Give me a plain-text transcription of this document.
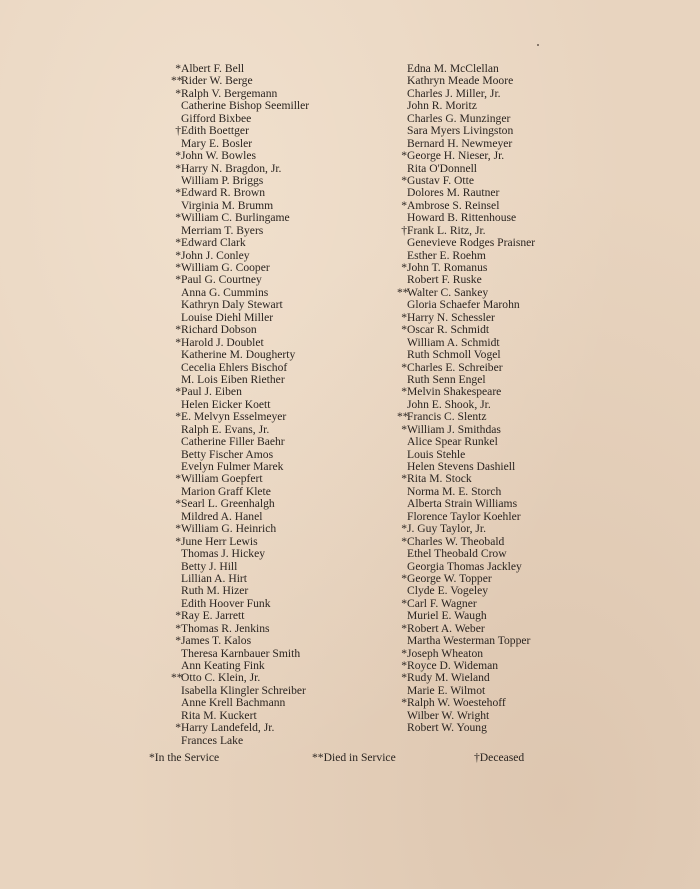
*Albert F. Bell
**Rider W. Berge
*Ralph V. Bergemann
Catherine Bishop Seemiller
Gifford Bixbee
†Edith Boettger
Mary E. Bosler
*John W. Bowles
*Harry N. Bragdon, Jr.
William P. Briggs
*Edward R. Brown
Virginia M. Brumm
*William C. Burlingame
Merriam T. Byers
*Edward Clark
*John J. Conley
*William G. Cooper
*Paul G. Courtney
Anna G. Cummins
Kathryn Daly Stewart
Louise Diehl Miller
*Richard Dobson
*Harold J. Doublet
Katherine M. Dougherty
Cecelia Ehlers Bischof
M. Lois Eiben Riether
*Paul J. Eiben
Helen Eicker Koett
*E. Melvyn Esselmeyer
Ralph E. Evans, Jr.
Catherine Filler Baehr
Betty Fischer Amos
Evelyn Fulmer Marek
*William Goepfert
Marion Graff Klete
*Searl L. Greenhalgh
Mildred A. Hanel
*William G. Heinrich
*June Herr Lewis
Thomas J. Hickey
Betty J. Hill
Lillian A. Hirt
Ruth M. Hizer
Edith Hoover Funk
*Ray E. Jarrett
*Thomas R. Jenkins
*James T. Kalos
Theresa Karnbauer Smith
Ann Keating Fink
**Otto C. Klein, Jr.
Isabella Klingler Schreiber
Anne Krell Bachmann
Rita M. Kuckert
*Harry Landefeld, Jr.
Frances Lake
Edna M. McClellan
Kathryn Meade Moore
Charles J. Miller, Jr.
John R. Moritz
Charles G. Munzinger
Sara Myers Livingston
Bernard H. Newmeyer
*George H. Nieser, Jr.
Rita O'Donnell
*Gustav F. Otte
Dolores M. Rautner
*Ambrose S. Reinsel
Howard B. Rittenhouse
†Frank L. Ritz, Jr.
Genevieve Rodges Praisner
Esther E. Roehm
*John T. Romanus
Robert F. Ruske
**Walter C. Sankey
Gloria Schaefer Marohn
*Harry N. Schessler
*Oscar R. Schmidt
William A. Schmidt
Ruth Schmoll Vogel
*Charles E. Schreiber
Ruth Senn Engel
*Melvin Shakespeare
John E. Shook, Jr.
**Francis C. Slentz
*William J. Smithdas
Alice Spear Runkel
Louis Stehle
Helen Stevens Dashiell
*Rita M. Stock
Norma M. E. Storch
Alberta Strain Williams
Florence Taylor Koehler
*J. Guy Taylor, Jr.
*Charles W. Theobald
Ethel Theobald Crow
Georgia Thomas Jackley
*George W. Topper
Clyde E. Vogeley
*Carl F. Wagner
Muriel E. Waugh
*Robert A. Weber
Martha Westerman Topper
*Joseph Wheaton
*Royce D. Wideman
*Rudy M. Wieland
Marie E. Wilmot
*Ralph W. Woestehoff
Wilber W. Wright
Robert W. Young
*In the Service	**Died in Service	†Deceased
